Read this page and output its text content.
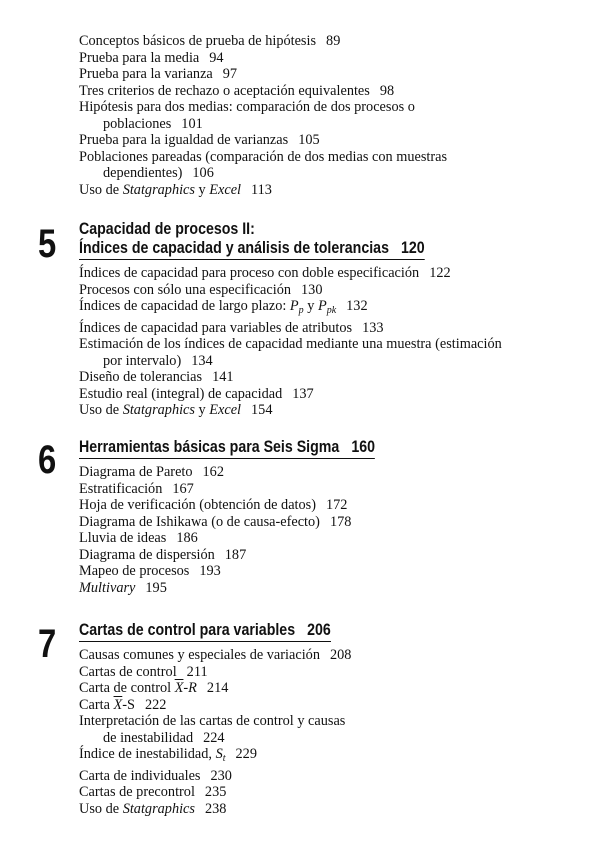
Conceptos básicos de prueba de hipótesis 89

Prueba para la media 94

Prueba para la varianza 97

Tres criterios de rechazo o aceptación equivalentes 98

Hipótesis para dos medias: comparación de dos procesos o
poblaciones 101

Prueba para la igualdad de varianzas 105

Poblaciones pareadas (comparación de dos medias con muestras
dependientes) 106

Uso de Statgraphics y Excel 113

5 Capacidad de procesos II:
Índices de capacidad y análisis de tolerancias 120

Índices de capacidad para proceso con doble especificación 122

Procesos con sólo una especificación 130

Índices de capacidad de largo plazo: $P_p$ y $P_{pk}$ 132

Índices de capacidad para variables de atributos 133

Estimación de los índices de capacidad mediante una muestra (estimación
por intervalo) 134

Diseño de tolerancias 141

Estudio real (integral) de capacidad 137

Uso de Statgraphics y Excel 154

6 Herramientas básicas para Seis Sigma 160

Diagrama de Pareto 162

Estratificación 167

Hoja de verificación (obtención de datos) 172

Diagrama de Ishikawa (o de causa-efecto) 178

Lluvia de ideas 186

Diagrama de dispersión 187

Mapeo de procesos 193

Multivary 195

7 Cartas de control para variables 206

Causas comunes y especiales de variación 208

Cartas de control 211

Carta de control $\overline{X}-R$ 214

Carta $\overline{X}-S$ 222

Interpretación de las cartas de control y causas
de inestabilidad 224

Índice de inestabilidad, $S_t$ 229

Carta de individuales 230

Cartas de precontrol 235

Uso de Statgraphics 238
